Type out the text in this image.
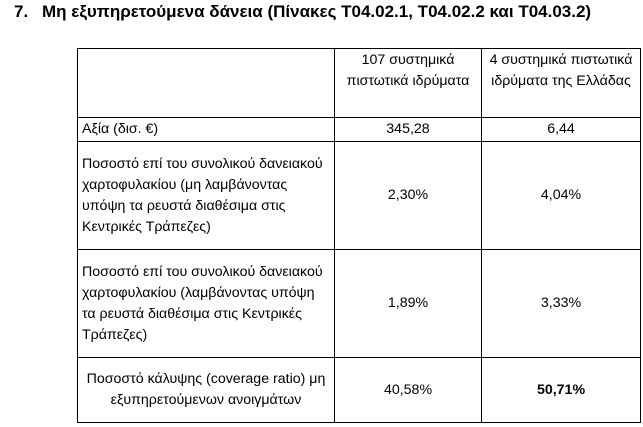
7. Μη εξυπηρετούμενα δάνεια (Πίνακες Τ04.02.1, Τ04.02.2 και Τ04.03.2)
	107 συστημικά πιστωτικά ιδρύματα	4 συστημικά πιστωτικά ιδρύματα της Ελλάδας
Αξία (δισ. €)	345,28	6,44
Ποσοστό επί του συνολικού δανειακού χαρτοφυλακίου (μη λαμβάνοντας υπόψη τα ρευστά διαθέσιμα στις Κεντρικές Τράπεζες)	2,30%	4,04%
Ποσοστό επί του συνολικού δανειακού χαρτοφυλακίου (λαμβάνοντας υπόψη τα ρευστά διαθέσιμα στις Κεντρικές Τράπεζες)	1,89%	3,33%
Ποσοστό κάλυψης (coverage ratio) μη εξυπηρετούμενων ανοιγμάτων	40,58%	50,71%
